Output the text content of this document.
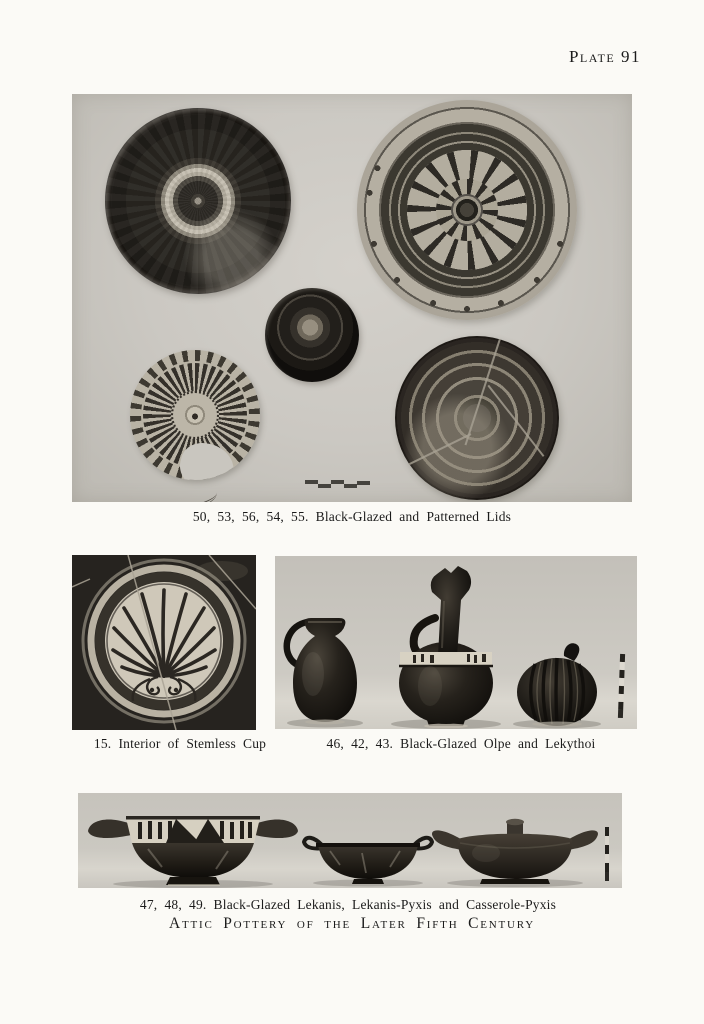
Plate 91
50, 53, 56, 54, 55. Black-Glazed and Patterned Lids
15. Interior of Stemless Cup	46, 42, 43. Black-Glazed Olpe and Lekythoi
47, 48, 49. Black-Glazed Lekanis, Lekanis-Pyxis and Casserole-Pyxis
Attic Pottery of the Later Fifth Century
